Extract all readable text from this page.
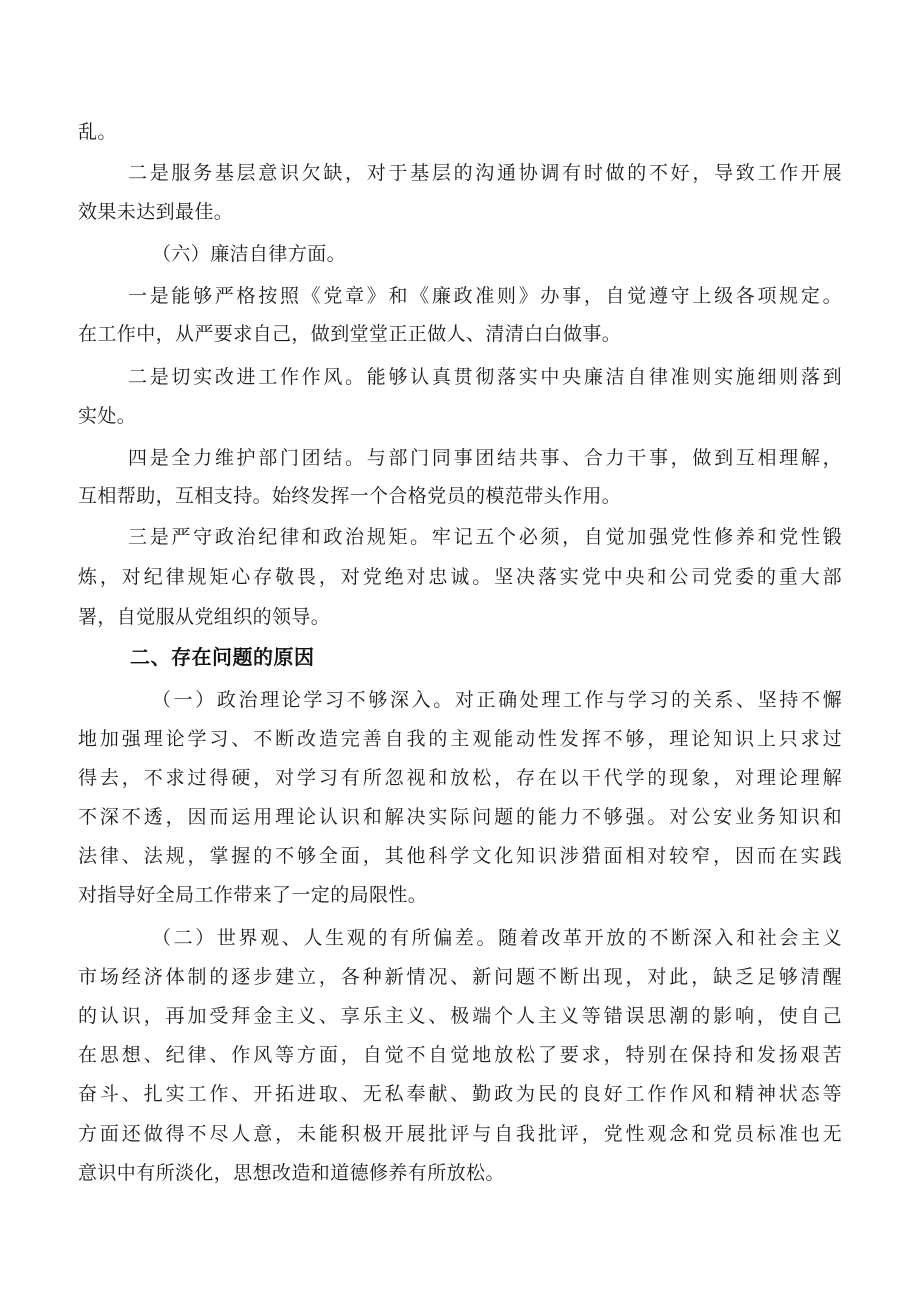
乱。

二是服务基层意识欠缺，对于基层的沟通协调有时做的不好，导致工作开展

效果未达到最佳。

（六）廉洁自律方面。

一是能够严格按照《党章》和《廉政准则》办事，自觉遵守上级各项规定。

在工作中，从严要求自己，做到堂堂正正做人、清清白白做事。

二是切实改进工作作风。能够认真贯彻落实中央廉洁自律准则实施细则落到

实处。

四是全力维护部门团结。与部门同事团结共事、合力干事，做到互相理解，

互相帮助，互相支持。始终发挥一个合格党员的模范带头作用。

三是严守政治纪律和政治规矩。牢记五个必须，自觉加强党性修养和党性锻

炼，对纪律规矩心存敬畏，对党绝对忠诚。坚决落实党中央和公司党委的重大部

署，自觉服从党组织的领导。

二、存在问题的原因

（一）政治理论学习不够深入。对正确处理工作与学习的关系、坚持不懈

地加强理论学习、不断改造完善自我的主观能动性发挥不够，理论知识上只求过

得去，不求过得硬，对学习有所忽视和放松，存在以干代学的现象，对理论理解

不深不透，因而运用理论认识和解决实际问题的能力不够强。对公安业务知识和

法律、法规，掌握的不够全面，其他科学文化知识涉猎面相对较窄，因而在实践

对指导好全局工作带来了一定的局限性。

（二）世界观、人生观的有所偏差。随着改革开放的不断深入和社会主义

市场经济体制的逐步建立，各种新情况、新问题不断出现，对此，缺乏足够清醒

的认识，再加受拜金主义、享乐主义、极端个人主义等错误思潮的影响，使自己

在思想、纪律、作风等方面，自觉不自觉地放松了要求，特别在保持和发扬艰苦

奋斗、扎实工作、开拓进取、无私奉献、勤政为民的良好工作作风和精神状态等

方面还做得不尽人意，未能积极开展批评与自我批评，党性观念和党员标准也无

意识中有所淡化，思想改造和道德修养有所放松。
